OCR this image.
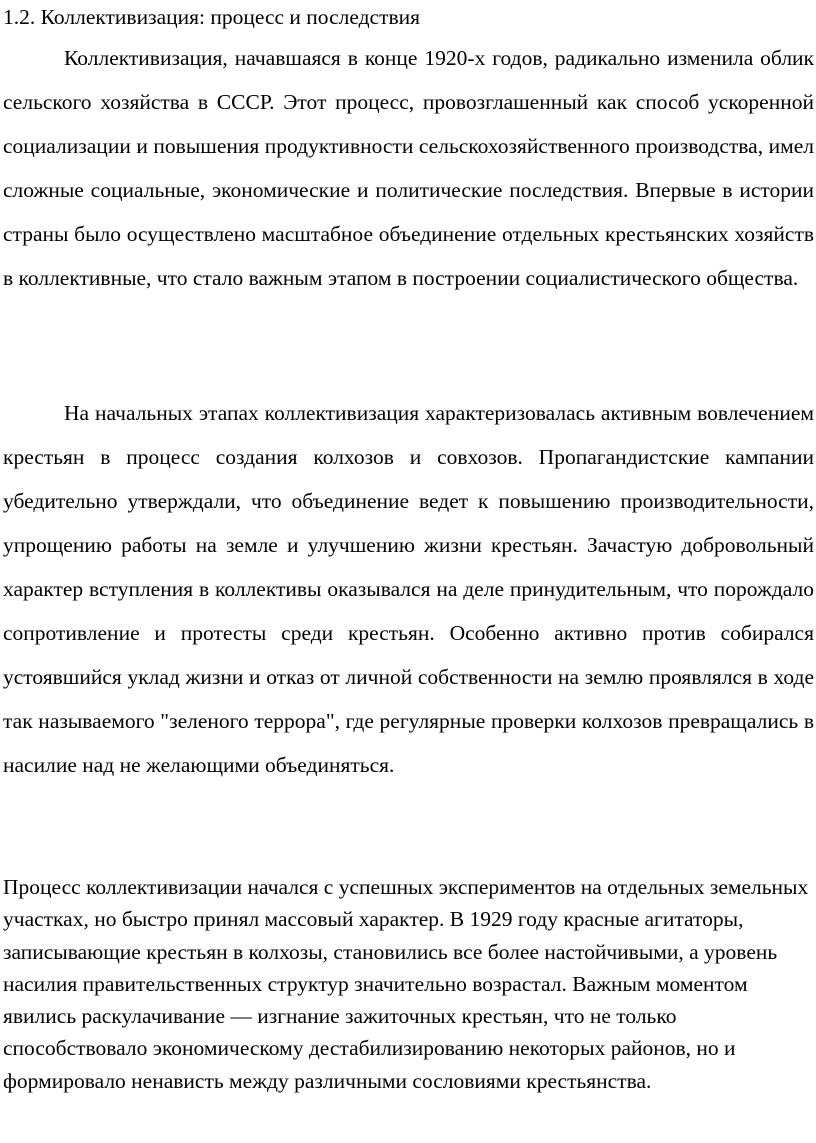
1.2. Коллективизация: процесс и последствия

Коллективизация, начавшаяся в конце 1920-х годов, радикально изменила облик сельского хозяйства в СССР. Этот процесс, провозглашенный как способ ускоренной социализации и повышения продуктивности сельскохозяйственного производства, имел сложные социальные, экономические и политические последствия. Впервые в истории страны было осуществлено масштабное объединение отдельных крестьянских хозяйств в коллективные, что стало важным этапом в построении социалистического общества.

На начальных этапах коллективизация характеризовалась активным вовлечением крестьян в процесс создания колхозов и совхозов. Пропагандистские кампании убедительно утверждали, что объединение ведет к повышению производительности, упрощению работы на земле и улучшению жизни крестьян. Зачастую добровольный характер вступления в коллективы оказывался на деле принудительным, что порождало сопротивление и протесты среди крестьян. Особенно активно против собирался устоявшийся уклад жизни и отказ от личной собственности на землю проявлялся в ходе так называемого "зеленого террора", где регулярные проверки колхозов превращались в насилие над не желающими объединяться.

Процесс коллективизации начался с успешных экспериментов на отдельных земельных участках, но быстро принял массовый характер. В 1929 году красные агитаторы, записывающие крестьян в колхозы, становились все более настойчивыми, а уровень насилия правительственных структур значительно возрастал. Важным моментом явились раскулачивание — изгнание зажиточных крестьян, что не только способствовало экономическому дестабилизированию некоторых районов, но и формировало ненависть между различными сословиями крестьянства.
